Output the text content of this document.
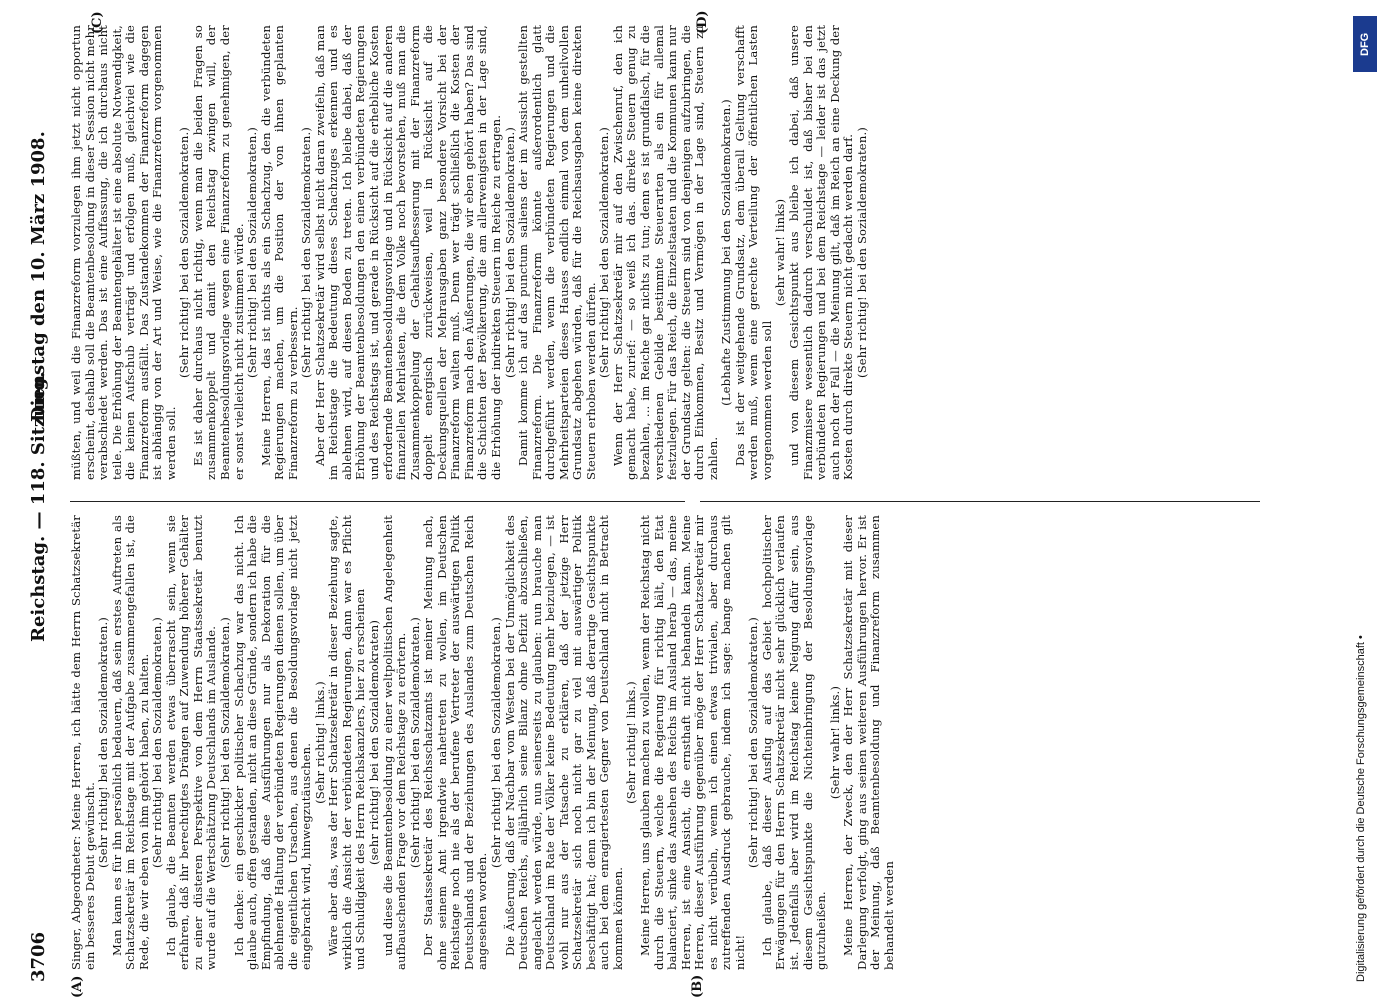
3706
Reichstag. — 118. Sitzung.
Dienstag den 10. März 1908.
(A)	(B)
(C)	(D)

Singer, Abgeordneter: Meine Herren, ich hätte dem Herrn Schatzsekretär ein besseres Debut gewünscht.

(Sehr richtig! bei den Sozialdemokraten.) Man kann es für ihn persönlich bedauern, daß sein erstes Auftreten als Schatzsekretär im Reichstage mit der Aufgabe zusammengefallen ist, die Rede, die wir eben von ihm gehört haben, zu halten. (Sehr richtig! bei den Sozialdemokraten.) Ich glaube, die Beamten werden etwas überrascht sein, wenn sie erfahren, daß ihr berechtigtes Drängen auf Zuwendung höherer Gehälter zu einer düsteren Perspektive von dem Herrn Staatssekretär benutzt wurde auf die Wertschätzung Deutschlands im Auslande. (Sehr richtig! bei den Sozialdemokraten.) Ich denke: ein geschickter politischer Schachzug war das nicht. Ich glaube auch, offen gestanden, nicht an diese Gründe, sondern ich habe die Empfindung, daß diese Ausführungen nur als Dekoration für die ablehnende Haltung der verbündeten Regierungen dienen sollen, um über die eigentlichen Ursachen, aus denen die Besoldungsvorlage nicht jetzt eingebracht wird, hinwegzutäuschen.

(Sehr richtig! links.) Wäre aber das, was der Herr Schatzsekretär in dieser Beziehung sagte, wirklich die Ansicht der verbündeten Regierungen, dann war es Pflicht und Schuldigkeit des Herrn Reichskanzlers, hier zu erscheinen (sehr richtig! bei den Sozialdemokraten) und diese die Beamtenbesoldung zu einer weltpolitischen Angelegenheit aufbauschenden Frage vor dem Reichstage zu erörtern. (Sehr richtig! bei den Sozialdemokraten.) Der Staatssekretär des Reichsschatzamts ist meiner Meinung nach, ohne seinem Amt irgendwie nahetreten zu wollen, im Deutschen Reichstage noch nie als der berufene Vertreter der auswärtigen Politik Deutschlands und der Beziehungen des Auslandes zum Deutschen Reich angesehen worden.

(Sehr richtig! bei den Sozialdemokraten.) Die Äußerung, daß der Nachbar vom Westen bei der Unmöglichkeit des Deutschen Reichs, alljährlich seine Bilanz ohne Defizit abzuschließen, angelacht werden würde, nun seinerseits zu glauben: nun brauche man Deutschland im Rate der Völker keine Bedeutung mehr beizulegen, — ist wohl nur aus der Tatsache zu erklären, daß der jetzige Herr Schatzsekretär sich noch nicht gar zu viel mit auswärtiger Politik beschäftigt hat; denn ich bin der Meinung, daß derartige Gesichtspunkte auch bei dem enragiertesten Gegner von Deutschland nicht in Betracht kommen können.

(Sehr richtig! links.) Meine Herren, uns glauben machen zu wollen, wenn der Reichstag nicht durch die Steuern, welche die Regierung für richtig hält, den Etat balanciert, sinke das Ansehen des Reichs im Ausland herab — das, meine Herren, ist eine Ansicht, die ernsthaft nicht behandeln kann. Meine Herren, dieser Ausführung gegenüber möge der Herr Schatzsekretär mir es nicht verübeln, wenn ich einen etwas trivialen, aber durchaus zutreffenden Ausdruck gebrauche, indem ich sage: bange machen gilt nicht!

(Sehr richtig! bei den Sozialdemokraten.) Ich glaube, daß dieser Ausflug auf das Gebiet hochpolitischer Erwägungen für den Herrn Schatzsekretär nicht sehr glücklich verlaufen ist. Jedenfalls aber wird im Reichstag keine Neigung dafür sein, aus diesem Gesichtspunkte die Nichteinbringung der Besoldungsvorlage gutzuheißen.

(Sehr wahr! links.) Meine Herren, der Zweck, den der Herr Schatzsekretär mit dieser Darlegung verfolgt, ging aus seinen weiteren Ausführungen hervor. Er ist der Meinung, daß Beamtenbesoldung und Finanzreform zusammen behandelt werden

müßten, und weil die Finanzreform vorzulegen ihm jetzt nicht opportun erscheint, deshalb soll die Beamtenbesoldung in dieser Session nicht mehr verabschiedet werden. Das ist eine Auffassung, die ich durchaus nicht teile. Die Erhöhung der Beamtengehälter ist eine absolute Notwendigkeit, die keinen Aufschub verträgt und erfolgen muß, gleichviel wie die Finanzreform ausfällt. Das Zustandekommen der Finanzreform dagegen ist abhängig von der Art und Weise, wie die Finanzreform vorgenommen werden soll.

(Sehr richtig! bei den Sozialdemokraten.) Es ist daher durchaus nicht richtig, wenn man die beiden Fragen so zusammenkoppelt und damit den Reichstag zwingen will, der Beamtenbesoldungsvorlage wegen eine Finanzreform zu genehmigen, der er sonst vielleicht nicht zustimmen würde. (Sehr richtig! bei den Sozialdemokraten.) Meine Herren, das ist nichts als ein Schachzug, den die verbündeten Regierungen machen, um die Position der von ihnen geplanten Finanzreform zu verbessern.

(Sehr richtig! bei den Sozialdemokraten.) Aber der Herr Schatzsekretär wird selbst nicht daran zweifeln, daß man im Reichstage die Bedeutung dieses Schachzuges erkennen und es ablehnen wird, auf diesen Boden zu treten. Ich bleibe dabei, daß der Erhöhung der Beamtenbesoldungen den einen verbündeten Regierungen und des Reichstags ist, und gerade in Rücksicht auf die erhebliche Kosten erfordernde Beamtenbesoldungsvorlage und in Rücksicht auf die anderen finanziellen Mehrlasten, die dem Volke noch bevorstehen, muß man die Zusammenkoppelung der Gehaltsaufbesserung mit der Finanzreform doppelt energisch zurückweisen, weil in Rücksicht auf die Deckungsquellen der Mehrausgaben ganz besondere Vorsicht bei der Finanzreform walten muß. Denn wer trägt schließlich die Kosten der Finanzreform nach den Äußerungen, die wir eben gehört haben? Das sind die Schichten der Bevölkerung, die am allerwenigsten in der Lage sind, die Erhöhung der indirekten Steuern im Reiche zu ertragen. (Sehr richtig! bei den Sozialdemokraten.) Damit komme ich auf das punctum saliens der im Aussicht gestellten Finanzreform. Die Finanzreform könnte außerordentlich glatt durchgeführt werden, wenn die verbündeten Regierungen und die Mehrheitsparteien dieses Hauses endlich einmal von dem unheilvollen Grundsatz abgehen würden, daß für die Reichsausgaben keine direkten Steuern erhoben werden dürfen.

(Sehr richtig! bei den Sozialdemokraten.) Wenn der Herr Schatzsekretär mir auf den Zwischenruf, den ich gemacht habe, zurief: — so weiß ich das. direkte Steuern genug zu bezahlen, ... im Reiche gar nichts zu tun; denn es ist grundfalsch, für die verschiedenen Gebilde bestimmte Steuerarten als ein für allemal festzulegen. Für das Reich, die Einzelstaaten und die Kommunen kann nur der Grundsatz gelten: die Steuern sind von denjenigen aufzubringen, die durch Einkommen, Besitz und Vermögen in der Lage sind, Steuern zu zahlen.

(Lebhafte Zustimmung bei den Sozialdemokraten.) Das ist der weitgehende Grundsatz, dem überall Geltung verschafft werden muß, wenn eine gerechte Verteilung der öffentlichen Lasten vorgenommen werden soll

(sehr wahr! links) und von diesem Gesichtspunkt aus bleibe ich dabei, daß unsere Finanzmisere wesentlich dadurch verschuldet ist, daß bisher bei den verbündeten Regierungen und bei dem Reichstage — leider ist das jetzt auch noch der Fall — die Meinung gilt, daß im Reich an eine Deckung der Kosten durch direkte Steuern nicht gedacht werden darf. (Sehr richtig! bei den Sozialdemokraten.)

DFG
Digitalisierung gefördert durch die Deutsche Forschungsgemeinschaft •
